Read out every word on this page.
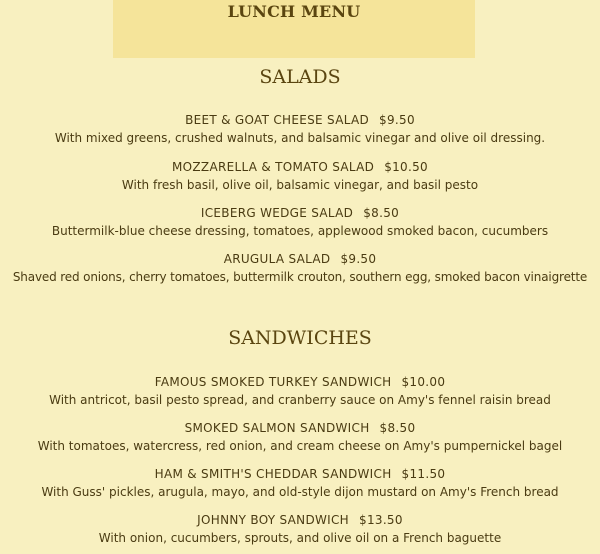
LUNCH MENU
SALADS
BEET & GOAT CHEESE SALAD $9.50
With mixed greens, crushed walnuts, and balsamic vinegar and olive oil dressing.
MOZZARELLA & TOMATO SALAD $10.50
With fresh basil, olive oil, balsamic vinegar, and basil pesto
ICEBERG WEDGE SALAD $8.50
Buttermilk-blue cheese dressing, tomatoes, applewood smoked bacon, cucumbers
ARUGULA SALAD $9.50
Shaved red onions, cherry tomatoes, buttermilk crouton, southern egg, smoked bacon vinaigrette
SANDWICHES
FAMOUS SMOKED TURKEY SANDWICH $10.00
With antricot, basil pesto spread, and cranberry sauce on Amy's fennel raisin bread
SMOKED SALMON SANDWICH $8.50
With tomatoes, watercress, red onion, and cream cheese on Amy's pumpernickel bagel
HAM & SMITH'S CHEDDAR SANDWICH $11.50
With Guss' pickles, arugula, mayo, and old-style dijon mustard on Amy's French bread
JOHNNY BOY SANDWICH $13.50
With onion, cucumbers, sprouts, and olive oil on a French baguette
